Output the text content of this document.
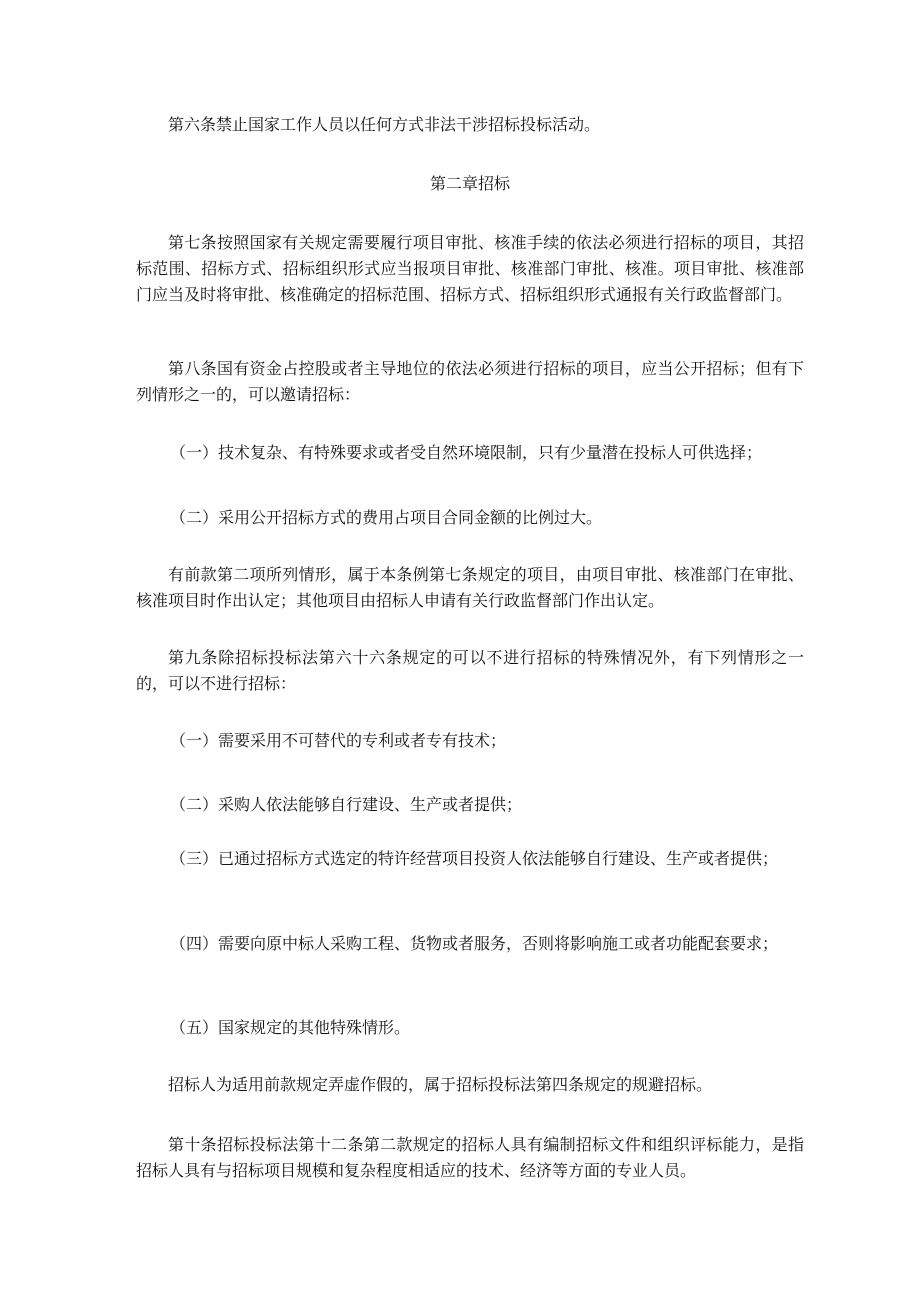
第六条禁止国家工作人员以任何方式非法干涉招标投标活动。

第二章招标

第七条按照国家有关规定需要履行项目审批、核准手续的依法必须进行招标的项目，其招标范围、招标方式、招标组织形式应当报项目审批、核准部门审批、核准。项目审批、核准部门应当及时将审批、核准确定的招标范围、招标方式、招标组织形式通报有关行政监督部门。

第八条国有资金占控股或者主导地位的依法必须进行招标的项目，应当公开招标；但有下列情形之一的，可以邀请招标：

（一）技术复杂、有特殊要求或者受自然环境限制，只有少量潜在投标人可供选择；

（二）采用公开招标方式的费用占项目合同金额的比例过大。

有前款第二项所列情形，属于本条例第七条规定的项目，由项目审批、核准部门在审批、核准项目时作出认定；其他项目由招标人申请有关行政监督部门作出认定。

第九条除招标投标法第六十六条规定的可以不进行招标的特殊情况外，有下列情形之一的，可以不进行招标：

（一）需要采用不可替代的专利或者专有技术；

（二）采购人依法能够自行建设、生产或者提供；

（三）已通过招标方式选定的特许经营项目投资人依法能够自行建设、生产或者提供；

（四）需要向原中标人采购工程、货物或者服务，否则将影响施工或者功能配套要求；

（五）国家规定的其他特殊情形。

招标人为适用前款规定弄虚作假的，属于招标投标法第四条规定的规避招标。

第十条招标投标法第十二条第二款规定的招标人具有编制招标文件和组织评标能力，是指招标人具有与招标项目规模和复杂程度相适应的技术、经济等方面的专业人员。
